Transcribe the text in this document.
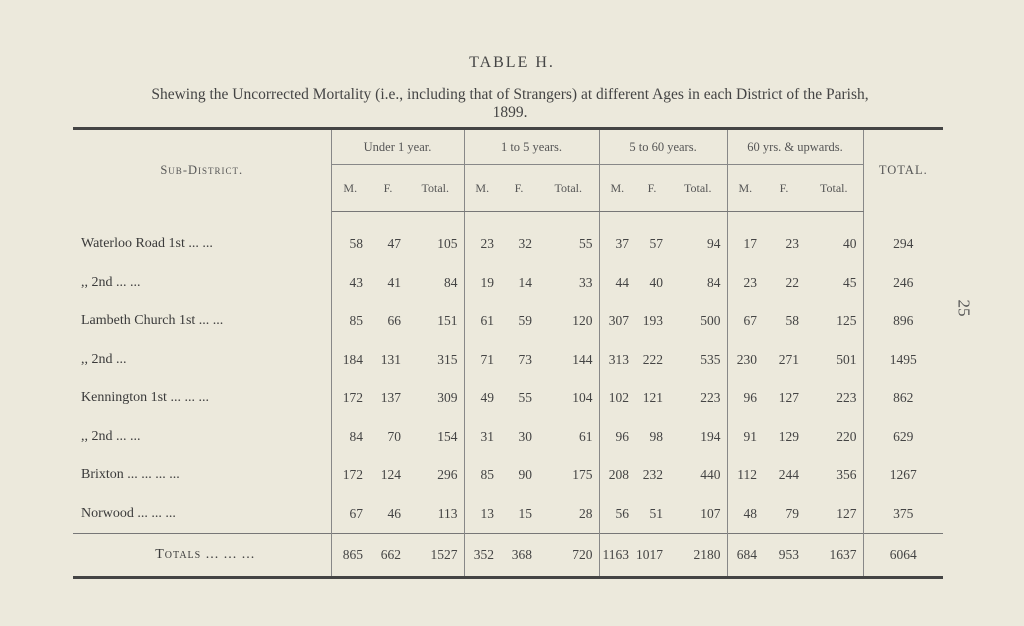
TABLE H.
Shewing the Uncorrected Mortality (i.e., including that of Strangers) at different Ages in each District of the Parish, 1899.
25
Sub-District.	Under 1 year.			1 to 5 years.			5 to 60 years.			60 yrs. & upwards.			TOTAL.
	M.	F.	Total.	M.	F.	Total.	M.	F.	Total.	M.	F.	Total.	
Waterloo Road 1st ... ...	58	47	105	23	32	55	37	57	94	17	23	40	294
,, 2nd ... ...	43	41	84	19	14	33	44	40	84	23	22	45	246
Lambeth Church 1st ... ...	85	66	151	61	59	120	307	193	500	67	58	125	896
,, 2nd ...	184	131	315	71	73	144	313	222	535	230	271	501	1495
Kennington 1st ... ... ...	172	137	309	49	55	104	102	121	223	96	127	223	862
,, 2nd ... ...	84	70	154	31	30	61	96	98	194	91	129	220	629
Brixton ... ... ... ...	172	124	296	85	90	175	208	232	440	112	244	356	1267
Norwood ... ... ...	67	46	113	13	15	28	56	51	107	48	79	127	375
Totals ... ... ...	865	662	1527	352	368	720	1163	1017	2180	684	953	1637	6064
